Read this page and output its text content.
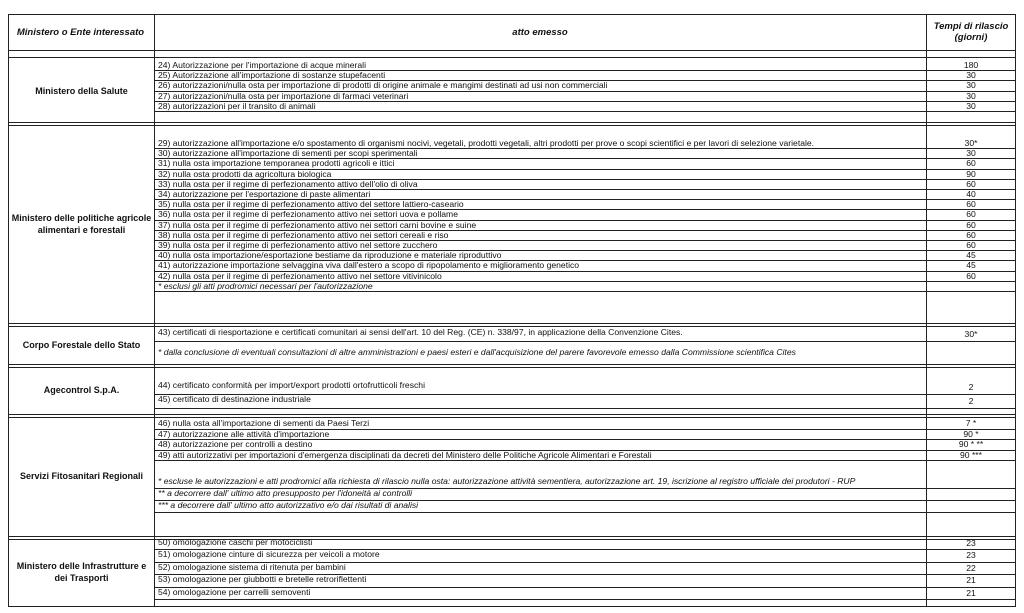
Ministero o Ente interessato	atto emesso	Tempi di rilascio
(giorni)
Ministero della Salute
24) Autorizzazione per l'importazione di acque minerali	180
25) Autorizzazione all'importazione di sostanze stupefacenti	30
26) autorizzazioni/nulla osta per importazione di prodotti di origine animale e mangimi destinati ad usi non commerciali	30
27) autorizzazioni/nulla osta per importazione di farmaci veterinari	30
28) autorizzazioni per il transito di animali	30
Ministero delle politiche agricole alimentari e forestali
29) autorizzazione all'importazione e/o spostamento di organismi nocivi, vegetali, prodotti vegetali, altri prodotti per prove o scopi scientifici e per lavori di selezione varietale.	30*
30) autorizzazione all'importazione di sementi per scopi sperimentali	30
31) nulla osta importazione temporanea prodotti agricoli e ittici	60
32) nulla osta prodotti da agricoltura biologica	90
33) nulla osta per il regime di perfezionamento attivo dell'olio di oliva	60
34) autorizzazione per l'esportazione di paste alimentari	40
35) nulla osta per il regime di perfezionamento attivo del settore lattiero-caseario	60
36) nulla osta per il regime di perfezionamento attivo nei settori uova e pollame	60
37) nulla osta per il regime di perfezionamento attivo nei settori carni bovine e suine	60
38) nulla osta per il regime di perfezionamento attivo nei settori cereali e riso	60
39) nulla osta per il regime di perfezionamento attivo nel settore zucchero	60
40) nulla osta importazione/esportazione bestiame da riproduzione e materiale riproduttivo	45
41) autorizzazione importazione selvaggina viva dall'estero a scopo di ripopolamento e miglioramento genetico	45
42) nulla osta per il regime di perfezionamento attivo nel settore vitivinicolo	60
* esclusi gli atti prodromici necessari per l'autorizzazione
Corpo Forestale dello Stato
43) certificati di riesportazione e certificati comunitari ai sensi dell'art. 10 del Reg. (CE) n. 338/97, in applicazione della Convenzione Cites.	30*
* dalla conclusione di eventuali consultazioni di altre amministrazioni e paesi esteri e dall'acquisizione del parere favorevole emesso dalla Commissione scientifica Cites
Agecontrol S.p.A.	44) certificato conformità per import/export prodotti ortofrutticoli freschi	2
45) certificato di destinazione industriale	2
Servizi Fitosanitari Regionali
46) nulla osta all'importazione di sementi da Paesi Terzi	7 *
47) autorizzazione alle attività d'importazione	90 *
48) autorizzazione per controlli a destino	90 * **
49) atti autorizzativi per importazioni d'emergenza disciplinati da decreti del Ministero delle Politiche Agricole Alimentari e Forestali	90 ***
* escluse le autorizzazioni e atti prodromici alla richiesta di rilascio nulla osta: autorizzazione attività sementiera, autorizzazione art. 19, iscrizione al registro ufficiale dei produtori - RUP
** a decorrere dall' ultimo atto presupposto per l'idoneità ai controlli
*** a decorrere dall' ultimo atto autorizzativo e/o dai risultati di analisi
Ministero delle Infrastrutture e dei Trasporti
50) omologazione caschi per motociclisti	23
51) omologazione cinture di sicurezza per veicoli a motore	23
52) omologazione sistema di ritenuta per bambini	22
53) omologazione per giubbotti e bretelle retroriflettenti	21
54) omologazione per carrelli semoventi	21
